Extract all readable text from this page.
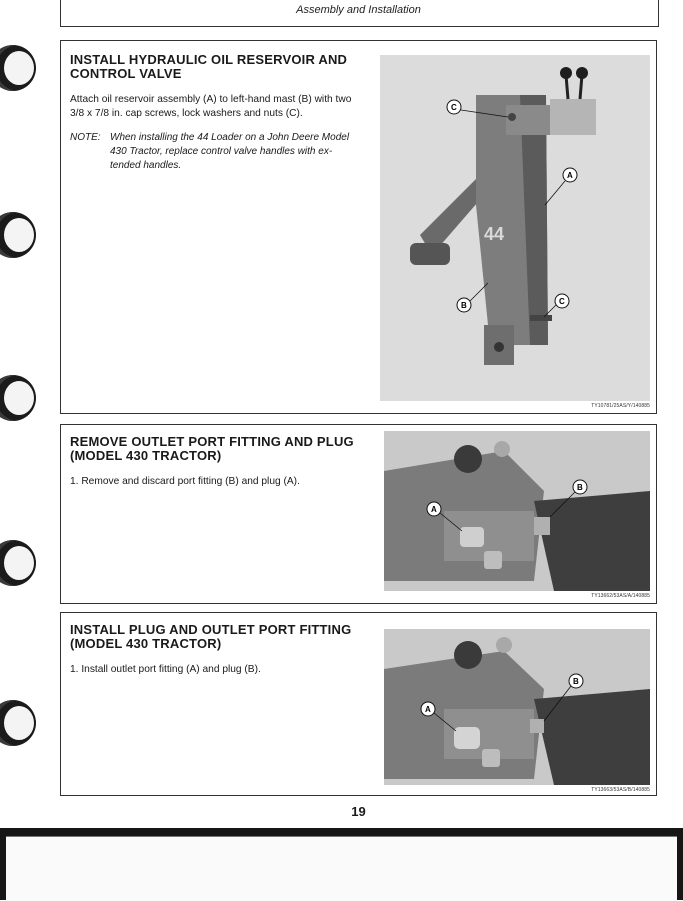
Assembly and Installation

INSTALL HYDRAULIC OIL RESERVOIR AND
CONTROL VALVE

Attach oil reservoir assembly (A) to left-hand mast (B) with two
3/8 x 7/8 in. cap screws, lock washers and nuts (C).

NOTE: When installing the 44 Loader on a John Deere Model
430 Tractor, replace control valve handles with ex-
tended handles.
44
C
A
B	C
TY10781/25AS/Y/140885

REMOVE OUTLET PORT FITTING AND PLUG
(MODEL 430 TRACTOR)

1. Remove and discard port fitting (B) and plug (A).

B
A
TY13662/53AS/A/140885

INSTALL PLUG AND OUTLET PORT FITTING
(MODEL 430 TRACTOR)

1. Install outlet port fitting (A) and plug (B).

B
A
TY13663/53AS/B/140885
19
